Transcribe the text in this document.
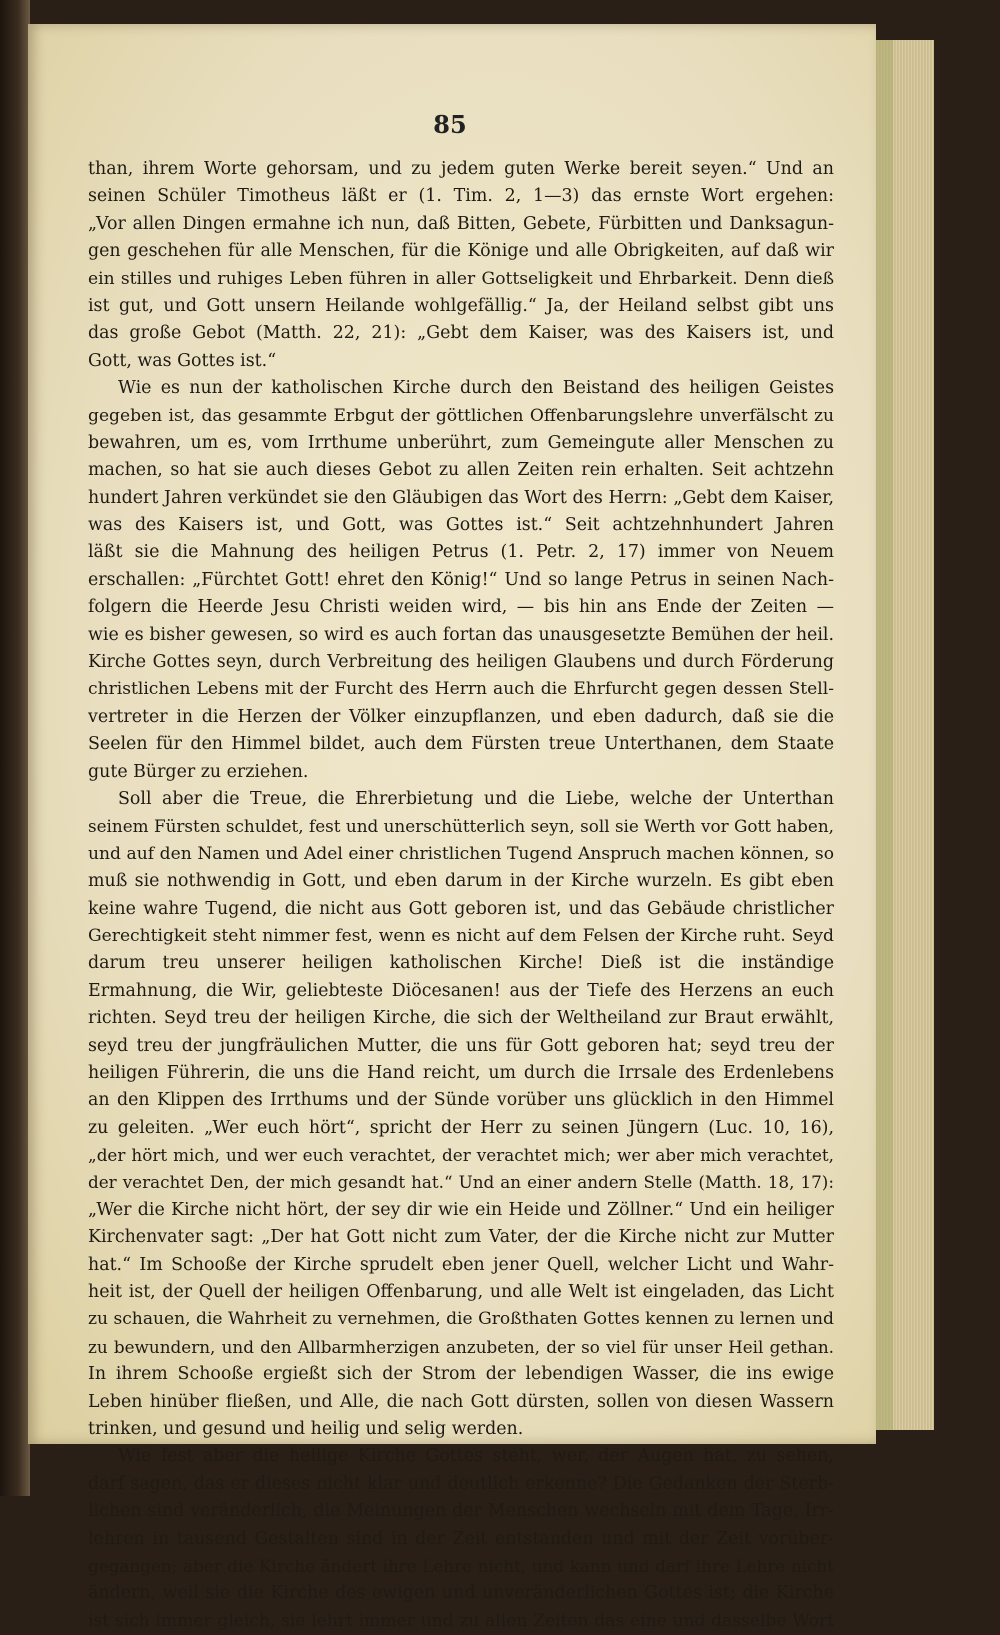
85
than, ihrem Worte gehorsam, und zu jedem guten Werke bereit seyen.“ Und an
seinen Schüler Timotheus läßt er (1. Tim. 2, 1—3) das ernste Wort ergehen:
„Vor allen Dingen ermahne ich nun, daß Bitten, Gebete, Fürbitten und Danksagun-
gen geschehen für alle Menschen, für die Könige und alle Obrigkeiten, auf daß wir
ein stilles und ruhiges Leben führen in aller Gottseligkeit und Ehrbarkeit. Denn dieß
ist gut, und Gott unsern Heilande wohlgefällig.“ Ja, der Heiland selbst gibt uns
das große Gebot (Matth. 22, 21): „Gebt dem Kaiser, was des Kaisers ist, und
Gott, was Gottes ist.“
Wie es nun der katholischen Kirche durch den Beistand des heiligen Geistes
gegeben ist, das gesammte Erbgut der göttlichen Offenbarungslehre unverfälscht zu
bewahren, um es, vom Irrthume unberührt, zum Gemeingute aller Menschen zu
machen, so hat sie auch dieses Gebot zu allen Zeiten rein erhalten. Seit achtzehn
hundert Jahren verkündet sie den Gläubigen das Wort des Herrn: „Gebt dem Kaiser,
was des Kaisers ist, und Gott, was Gottes ist.“ Seit achtzehnhundert Jahren
läßt sie die Mahnung des heiligen Petrus (1. Petr. 2, 17) immer von Neuem
erschallen: „Fürchtet Gott! ehret den König!“ Und so lange Petrus in seinen Nach-
folgern die Heerde Jesu Christi weiden wird, — bis hin ans Ende der Zeiten —
wie es bisher gewesen, so wird es auch fortan das unausgesetzte Bemühen der heil.
Kirche Gottes seyn, durch Verbreitung des heiligen Glaubens und durch Förderung
christlichen Lebens mit der Furcht des Herrn auch die Ehrfurcht gegen dessen Stell-
vertreter in die Herzen der Völker einzupflanzen, und eben dadurch, daß sie die
Seelen für den Himmel bildet, auch dem Fürsten treue Unterthanen, dem Staate
gute Bürger zu erziehen.
Soll aber die Treue, die Ehrerbietung und die Liebe, welche der Unterthan
seinem Fürsten schuldet, fest und unerschütterlich seyn, soll sie Werth vor Gott haben,
und auf den Namen und Adel einer christlichen Tugend Anspruch machen können, so
muß sie nothwendig in Gott, und eben darum in der Kirche wurzeln. Es gibt eben
keine wahre Tugend, die nicht aus Gott geboren ist, und das Gebäude christlicher
Gerechtigkeit steht nimmer fest, wenn es nicht auf dem Felsen der Kirche ruht. Seyd
darum treu unserer heiligen katholischen Kirche! Dieß ist die inständige
Ermahnung, die Wir, geliebteste Diöcesanen! aus der Tiefe des Herzens an euch
richten. Seyd treu der heiligen Kirche, die sich der Weltheiland zur Braut erwählt,
seyd treu der jungfräulichen Mutter, die uns für Gott geboren hat; seyd treu der
heiligen Führerin, die uns die Hand reicht, um durch die Irrsale des Erdenlebens
an den Klippen des Irrthums und der Sünde vorüber uns glücklich in den Himmel
zu geleiten. „Wer euch hört“, spricht der Herr zu seinen Jüngern (Luc. 10, 16),
„der hört mich, und wer euch verachtet, der verachtet mich; wer aber mich verachtet,
der verachtet Den, der mich gesandt hat.“ Und an einer andern Stelle (Matth. 18, 17):
„Wer die Kirche nicht hört, der sey dir wie ein Heide und Zöllner.“ Und ein heiliger
Kirchenvater sagt: „Der hat Gott nicht zum Vater, der die Kirche nicht zur Mutter
hat.“ Im Schooße der Kirche sprudelt eben jener Quell, welcher Licht und Wahr-
heit ist, der Quell der heiligen Offenbarung, und alle Welt ist eingeladen, das Licht
zu schauen, die Wahrheit zu vernehmen, die Großthaten Gottes kennen zu lernen und
zu bewundern, und den Allbarmherzigen anzubeten, der so viel für unser Heil gethan.
In ihrem Schooße ergießt sich der Strom der lebendigen Wasser, die ins ewige
Leben hinüber fließen, und Alle, die nach Gott dürsten, sollen von diesen Wassern
trinken, und gesund und heilig und selig werden.
Wie fest aber die heilige Kirche Gottes steht, wer, der Augen hat, zu sehen,
darf sagen, das er dieses nicht klar und deutlich erkenne? Die Gedanken der Sterb-
lichen sind veränderlich, die Meinungen der Menschen wechseln mit dem Tage, Irr-
lehren in tausend Gestalten sind in der Zeit entstanden und mit der Zeit vorüber-
gegangen; aber die Kirche ändert ihre Lehre nicht, und kann und darf ihre Lehre nicht
ändern, weil sie die Kirche des ewigen und unveränderlichen Gottes ist; die Kirche
ist sich immer gleich, sie lehrt immer und zu allen Zeiten das eine und dasselbe Wort
